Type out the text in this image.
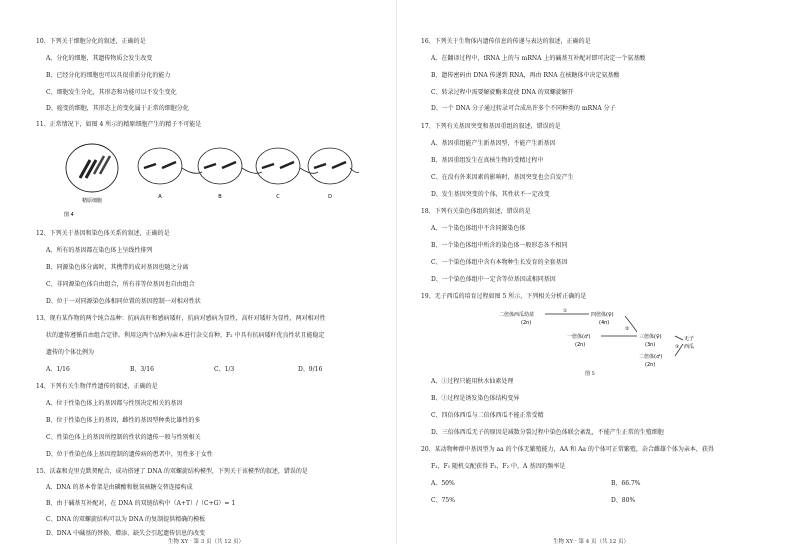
10、下列关于细胞分化的叙述，正确的是
A、分化的细胞，其遗传物质会发生改变
B、已经分化的细胞也可以具很重新分化的能力
C、细胞发生分化，其形态和功能可以不发生变化
D、癌变的细胞，其形态上的变化属于正常的细胞分化
11、正常情况下，如图 4 所示的精原细胞产生的精子不可能是
精原细胞
图 4
A	B	C	D
12、下列关于基因和染色体关系的叙述，正确的是
A、所有的基因都在染色体上呈线性排列
B、同源染色体分离时，其携带的成对基因也随之分离
C、非同源染色体自由组合，所有非等位基因也自由组合
D、位于一对同源染色体相同位置的基因控制一对相对性状
13、现有某作物的两个纯合品种：抗病高秆和感病矮秆，抗病对感病为显性，高秆对矮秆为显性，两对相对性
状的遗传遵循自由组合定律。利用这两个品种为亲本进行杂交育种，F₂ 中具有抗病矮秆优良性状且能稳定
遗传的个体比例为
A、1/16	B、3/16	C、1/3	D、9/16
14、下列有关生物伴性遗传的叙述，正确的是
A、位于性染色体上的基因都与性别决定相关的基因
B、位于性染色体上的基因，雌性的基因型种类比雄性的多
C、性染色体上的基因所控制的性状的遗传一般与性别相关
D、位于性染色体上基因控制的遗传病的患者中，男性多于女性
15、沃森和克里克默契配合，成功搭建了 DNA 的双螺旋结构模型，下列关于该模型的叙述，错误的是
A、DNA 的基本骨架是由磷酸和脱氧核糖交替连接构成
B、由于碱基互补配对，在 DNA 的双链结构中（A+T）/（C+G）= 1
C、DNA 的双螺旋结构可以为 DNA 的复制提供精确的模板
D、DNA 中碱基的替换、增添、缺失会引起遗传信息的改变
生物 XY · 第 3 页（共 12 页）
16、下列关于生物体内遗传信息的传递与表达的叙述，正确的是
A、在翻译过程中，tRNA 上的与 mRNA 上的碱基互补配对即可决定一个氨基酸
B、遗传密码由 DNA 传递到 RNA，再由 RNA 在核糖体中决定氨基酸
C、转录过程中需要解旋酶来促使 DNA 的双螺旋解开
D、一个 DNA 分子通过转录可合成出许多个不同种类的 mRNA 分子
17、下列有关基因突变和基因重组的叙述，错误的是
A、基因重组能产生新基因型，不能产生新基因
B、基因重组发生在真核生物的受精过程中
C、在没有外来因素的影响时，基因突变也会自发产生
D、发生基因突变的个体，其性状不一定改变
18、下列有关染色体组的叙述，错误的是
A、一个染色体组中不含同源染色体
B、一个染色体组中所含的染色体一般形态各不相同
C、一个染色体组中含有本物种生长发育的全套基因
D、一个染色体组中一定含等位基因或相同基因
19、无子西瓜的培育过程如图 5 所示，下列相关分析正确的是
二倍体西瓜幼苗
(2n)
①
四倍体(♀)
(4n)
一倍体(♂)
(2n)
②
三倍体(♀)
(3n)
二倍体(♂)
(2n)
③
无子
西瓜
图 5
A、①过程只能用秋水仙素处理
B、①过程是诱发染色体结构变异
C、四倍体西瓜与二倍体西瓜不能正常受精
D、三倍体西瓜无子的原因是减数分裂过程中染色体联会紊乱，不能产生正常的生殖细胞
20、某动物种群中基因型为 aa 的个体无繁殖能力，AA 和 Aa 的个体可正常繁殖，杂合雌雄个体为亲本，获得
F₁，F₁ 随机交配获得 F₂，F₂ 中，A 基因的频率是
A、50%	B、66.7%
C、75%	D、80%
生物 XY · 第 4 页（共 12 页）
